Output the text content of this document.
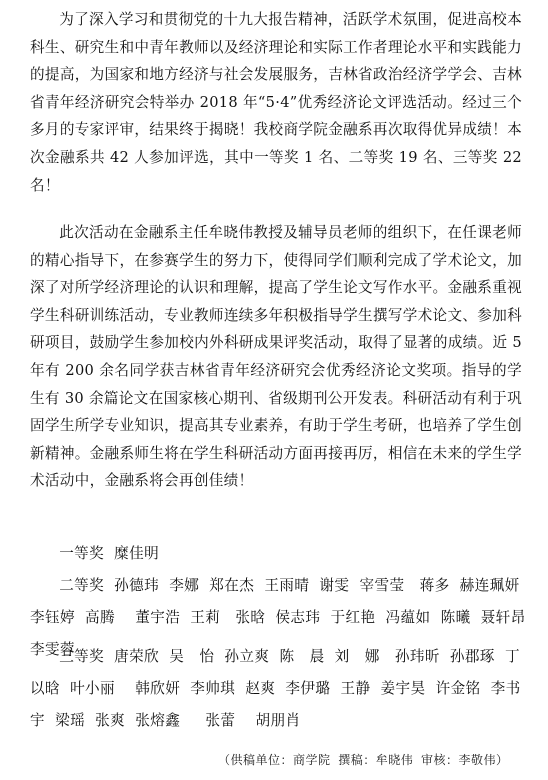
为了深入学习和贯彻党的十九大报告精神，活跃学术氛围，促进高校本科生、研究生和中青年教师以及经济理论和实际工作者理论水平和实践能力的提高，为国家和地方经济与社会发展服务，吉林省政治经济学学会、吉林省青年经济研究会特举办 2018 年“5·4”优秀经济论文评选活动。经过三个多月的专家评审，结果终于揭晓！我校商学院金融系再次取得优异成绩！本次金融系共 42 人参加评选，其中一等奖 1 名、二等奖 19 名、三等奖 22 名！

此次活动在金融系主任牟晓伟教授及辅导员老师的组织下，在任课老师的精心指导下，在参赛学生的努力下，使得同学们顺利完成了学术论文，加深了对所学经济理论的认识和理解，提高了学生论文写作水平。金融系重视学生科研训练活动，专业教师连续多年积极指导学生撰写学术论文、参加科研项目，鼓励学生参加校内外科研成果评奖活动，取得了显著的成绩。近 5 年有 200 余名同学获吉林省青年经济研究会优秀经济论文奖项。指导的学生有 30 余篇论文在国家核心期刊、省级期刊公开发表。科研活动有利于巩固学生所学专业知识，提高其专业素养，有助于学生考研，也培养了学生创新精神。金融系师生将在学生科研活动方面再接再厉，相信在未来的学生学术活动中，金融系将会再创佳绩！

一等奖 糜佳明

二等奖 孙德玮  李娜  郑在杰  王雨晴  谢雯  宰雪莹   蒋多  赫连珮妍  李钰婷  高腾    董宇浩  王莉   张晗  侯志玮  于红艳  冯蕴如  陈曦  聂轩昂  李雯蓉

三等奖 唐荣欣  吴   怡  孙立爽  陈   晨  刘   娜   孙玮昕  孙郡琢  丁以晗  叶小丽    韩欣妍  李帅琪  赵爽  李伊璐  王静  姜宇昊  许金铭  李书宇  梁瑶  张爽  张熔鑫     张蕾    胡朋肖

（供稿单位：商学院 撰稿：牟晓伟 审核：李敬伟）
